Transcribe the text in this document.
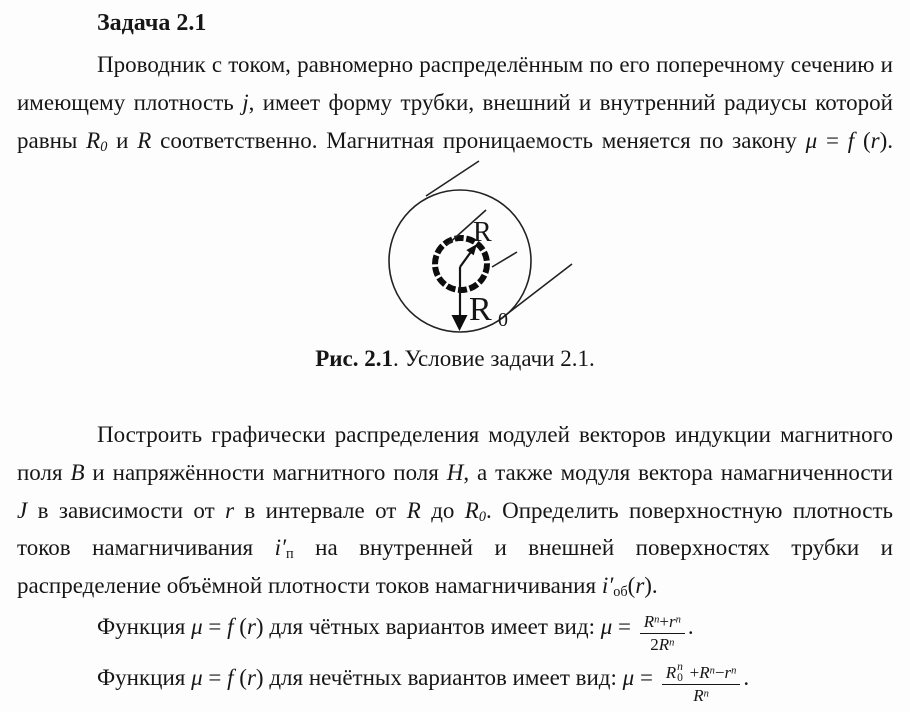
Задача 2.1
Проводник с током, равномерно распределённым по его поперечному сечению и
имеющему плотность j, имеет форму трубки, внешний и внутренний радиусы которой
равны R0 и R соответственно. Магнитная проницаемость меняется по закону μ = f (r).
R
R 0

Рис. 2.1. Условие задачи 2.1.

Построить графически распределения модулей векторов индукции магнитного
поля B и напряжённости магнитного поля H, а также модуля вектора намагниченности
J в зависимости от r в интервале от R до R0. Определить поверхностную плотность
токов намагничивания i′п на внутренней и внешней поверхностях трубки и
распределение объёмной плотности токов намагничивания i′об(r).
Функция μ = f (r) для чётных вариантов имеет вид: $\mu = \frac{R^n+r^n}{2R^n}$ .
Функция μ = f (r) для нечётных вариантов имеет вид: μ = R n
$0 +R^n-r^n$
$R^n$ .
